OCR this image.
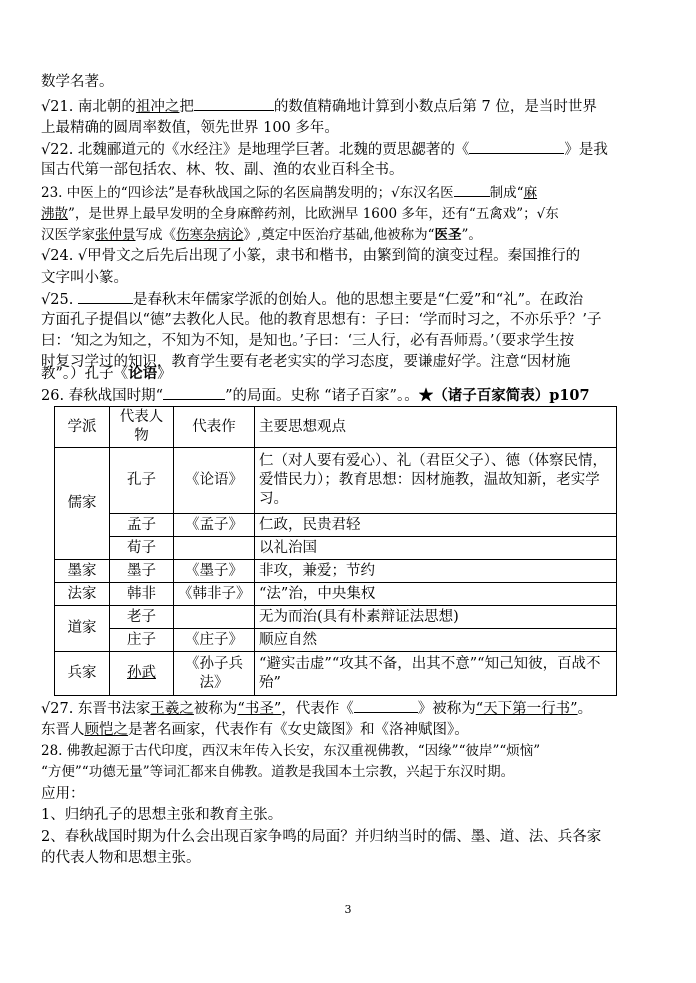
数学名著。
√21. 南北朝的祖冲之把	的数值精确地计算到小数点后第 7 位，是当时世界
上最精确的圆周率数值，领先世界 100 多年。
√22. 北魏郦道元的《水经注》是地理学巨著。北魏的贾思勰著的《	》是我
国古代第一部包括农、林、牧、副、渔的农业百科全书。
23. 中医上的“四诊法”是春秋战国之际的名医扁鹊发明的；√东汉名医	制成“麻
沸散”，是世界上最早发明的全身麻醉药剂，比欧洲早 1600 多年，还有“五禽戏”；√东
汉医学家张仲景写成《伤寒杂病论》,奠定中医治疗基础,他被称为“医圣”。
√24. √甲骨文之后先后出现了小篆，隶书和楷书，由繁到简的演变过程。秦国推行的
文字叫小篆。
√25.	是春秋末年儒家学派的创始人。他的思想主要是“仁爱”和“礼”。在政治
方面孔子提倡以“德”去教化人民。他的教育思想有：子曰：‘学而时习之，不亦乐乎？’子
曰：‘知之为知之，不知为不知，是知也。’子曰：‘三人行，必有吾师焉。’（要求学生按
时复习学过的知识，教育学生要有老老实实的学习态度，要谦虚好学。注意“因材施
教”。）孔子《论语》
26. 春秋战国时期“	”的局面。史称 “诸子百家”。。★（诸子百家简表）p107
学派	代表人物	代表作	主要思想观点
儒家	孔子	《论语》	仁（对人要有爱心）、礼（君臣父子）、德（体察民情，爱惜民力）；教育思想：因材施教，温故知新，老实学习。
	孟子	《孟子》	仁政，民贵君轻
	荀子		以礼治国
墨家	墨子	《墨子》	非攻，兼爱；节约
法家	韩非	《韩非子》	“法”治，中央集权
道家	老子		无为而治(具有朴素辩证法思想)
	庄子	《庄子》	顺应自然
兵家	孙武	《孙子兵法》	“避实击虚”“攻其不备，出其不意”“知己知彼，百战不殆”
√27. 东晋书法家王羲之被称为“书圣”，代表作《	》被称为“天下第一行书”。
东晋人顾恺之是著名画家，代表作有《女史箴图》和《洛神赋图》。
28. 佛教起源于古代印度，西汉末年传入长安，东汉重视佛教，“因缘”“彼岸”“烦恼”
“方便”“功德无量”等词汇都来自佛教。道教是我国本土宗教，兴起于东汉时期。
应用：
1、归纳孔子的思想主张和教育主张。
2、春秋战国时期为什么会出现百家争鸣的局面？并归纳当时的儒、墨、道、法、兵各家
的代表人物和思想主张。
3
